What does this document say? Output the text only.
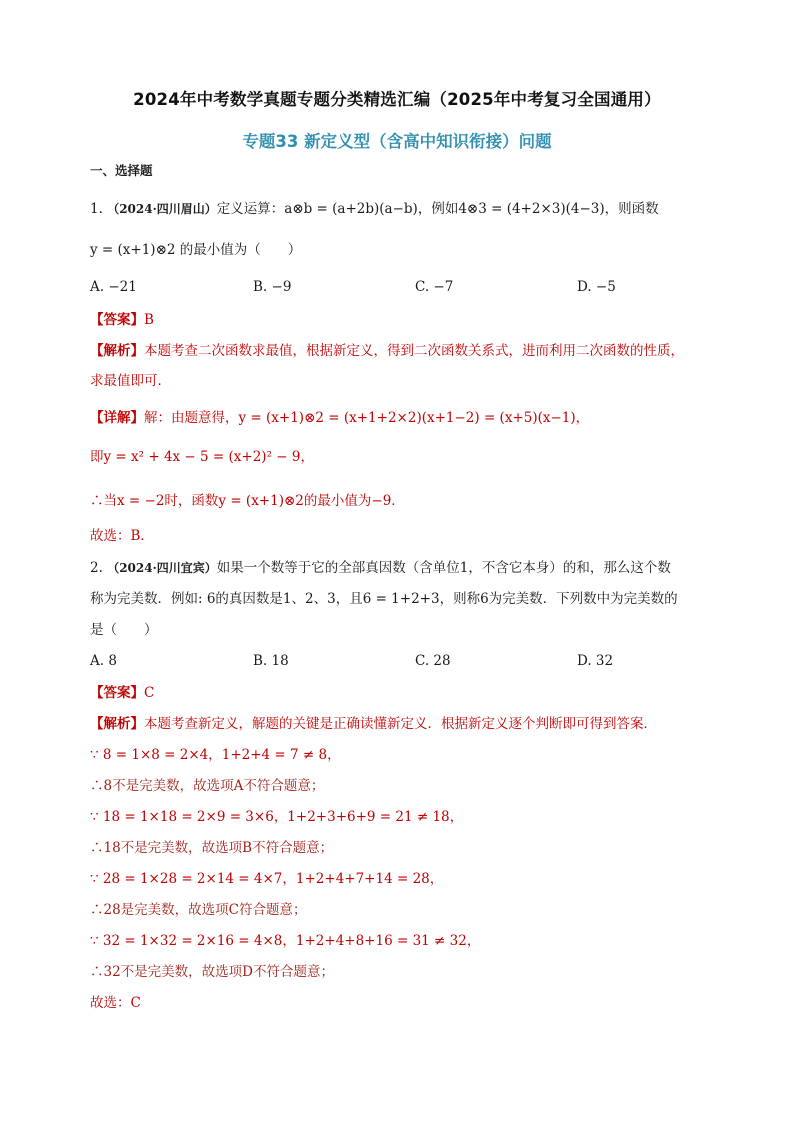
2024年中考数学真题专题分类精选汇编（2025年中考复习全国通用）
专题33 新定义型（含高中知识衔接）问题
一、选择题
1. （2024·四川眉山）定义运算：a⊗b = (a+2b)(a−b)，例如4⊗3 = (4+2×3)(4−3)，则函数
y = (x+1)⊗2 的最小值为（　　）
A. −21	B. −9	C. −7	D. −5
【答案】B
【解析】本题考查二次函数求最值，根据新定义，得到二次函数关系式，进而利用二次函数的性质，
求最值即可．
【详解】解：由题意得，y = (x+1)⊗2 = (x+1+2×2)(x+1−2) = (x+5)(x−1)，
即y = x² + 4x − 5 = (x+2)² − 9，
∴当x = −2时，函数y = (x+1)⊗2的最小值为−9．
故选：B．
2. （2024·四川宜宾）如果一个数等于它的全部真因数（含单位1，不含它本身）的和，那么这个数
称为完美数．例如: 6的真因数是1、2、3，且6 = 1+2+3，则称6为完美数．下列数中为完美数的
是（　　）
A. 8	B. 18	C. 28	D. 32
【答案】C
【解析】本题考查新定义，解题的关键是正确读懂新定义．根据新定义逐个判断即可得到答案．
∵ 8 = 1×8 = 2×4，1+2+4 = 7 ≠ 8，
∴8不是完美数，故选项A不符合题意；
∵ 18 = 1×18 = 2×9 = 3×6，1+2+3+6+9 = 21 ≠ 18，
∴18不是完美数，故选项B不符合题意；
∵ 28 = 1×28 = 2×14 = 4×7，1+2+4+7+14 = 28，
∴28是完美数，故选项C符合题意；
∵ 32 = 1×32 = 2×16 = 4×8，1+2+4+8+16 = 31 ≠ 32，
∴32不是完美数，故选项D不符合题意；
故选：C
